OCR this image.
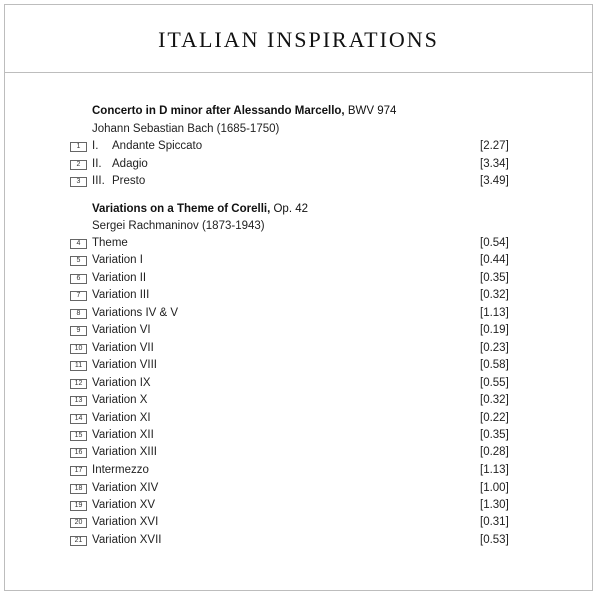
ITALIAN INSPIRATIONS
Concerto in D minor after Alessando Marcello, BWV 974
Johann Sebastian Bach (1685-1750)
1	I. Andante Spiccato	[2.27]
2	II. Adagio	[3.34]
3	III. Presto	[3.49]
Variations on a Theme of Corelli, Op. 42
Sergei Rachmaninov (1873-1943)
4	Theme	[0.54]
5	Variation I	[0.44]
6	Variation II	[0.35]
7	Variation III	[0.32]
8	Variations IV & V	[1.13]
9	Variation VI	[0.19]
10 Variation VII	[0.23]
11 Variation VIII	[0.58]
12 Variation IX	[0.55]
13 Variation X	[0.32]
14 Variation XI	[0.22]
15 Variation XII	[0.35]
16 Variation XIII	[0.28]
17 Intermezzo	[1.13]
18 Variation XIV	[1.00]
19 Variation XV	[1.30]
20 Variation XVI	[0.31]
21 Variation XVII	[0.53]
